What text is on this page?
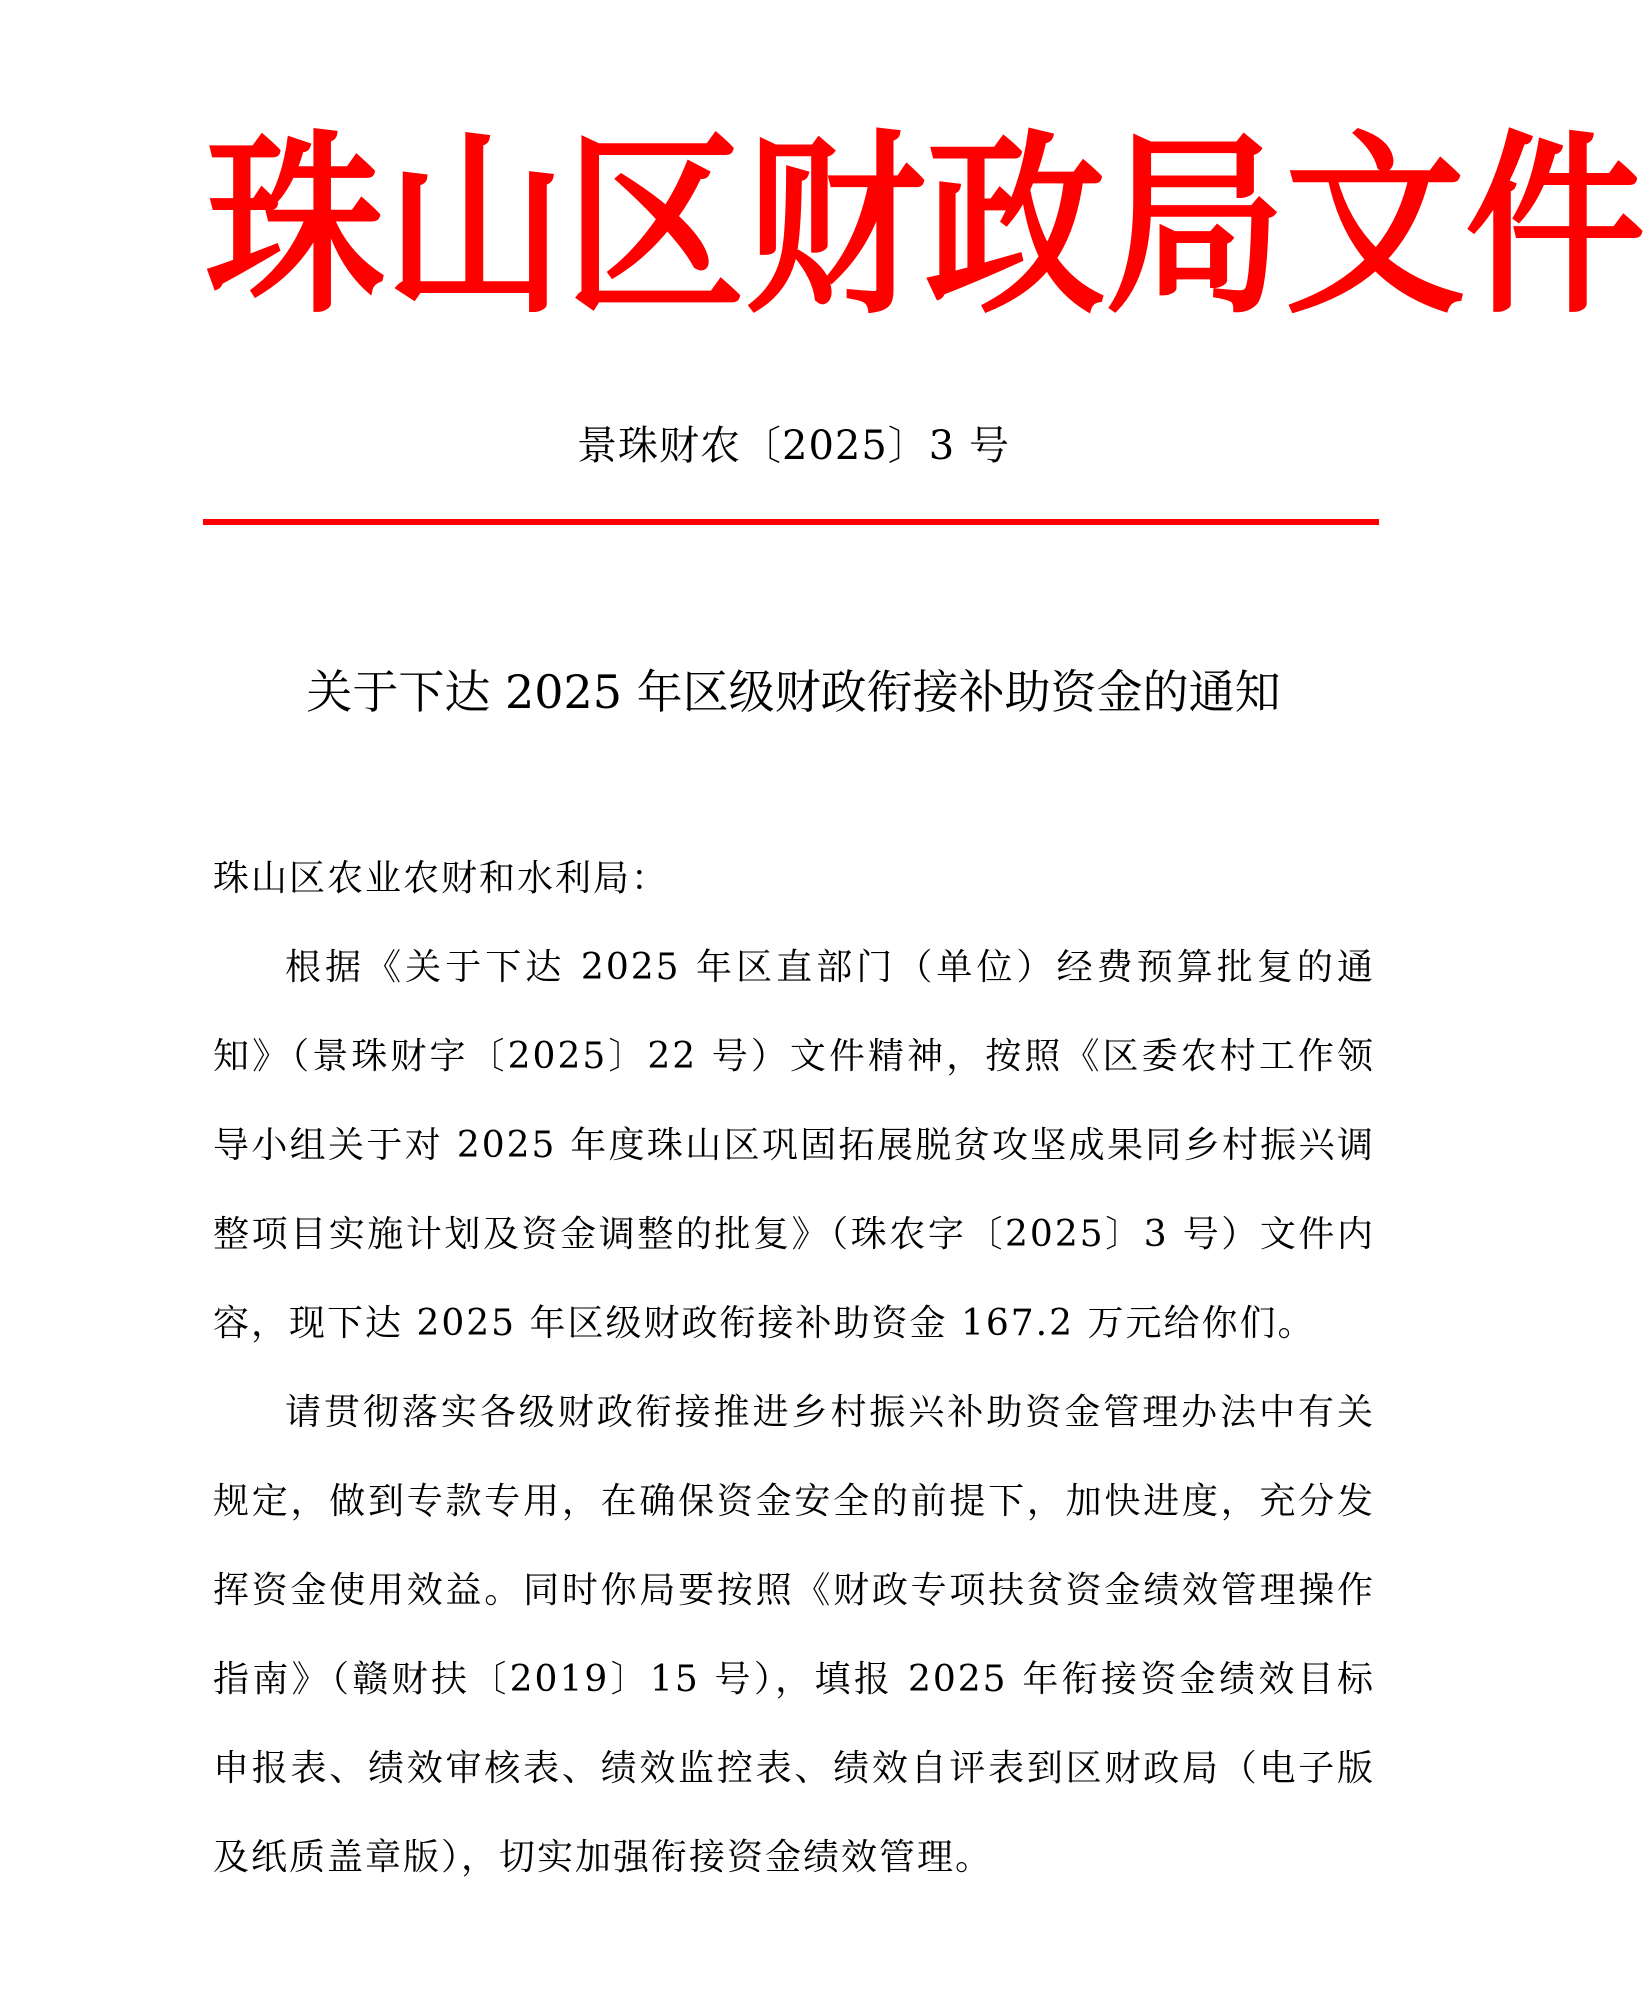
珠 山 区 财 政 局 文 件
景珠财农〔2025〕3 号
关于下达 2025 年区级财政衔接补助资金的通知

珠山区农业农财和水利局：

根据《关于下达 2025 年区直部门（单位）经费预算批复的通知》（景珠财字〔2025〕22 号）文件精神，按照《区委农村工作领导小组关于对 2025 年度珠山区巩固拓展脱贫攻坚成果同乡村振兴调整项目实施计划及资金调整的批复》（珠农字〔2025〕3 号）文件内容，现下达 2025 年区级财政衔接补助资金 167.2 万元给你们。

请贯彻落实各级财政衔接推进乡村振兴补助资金管理办法中有关规定，做到专款专用，在确保资金安全的前提下，加快进度，充分发挥资金使用效益。同时你局要按照《财政专项扶贫资金绩效管理操作指南》（赣财扶〔2019〕15 号），填报 2025 年衔接资金绩效目标申报表、绩效审核表、绩效监控表、绩效自评表到区财政局（电子版及纸质盖章版），切实加强衔接资金绩效管理。
